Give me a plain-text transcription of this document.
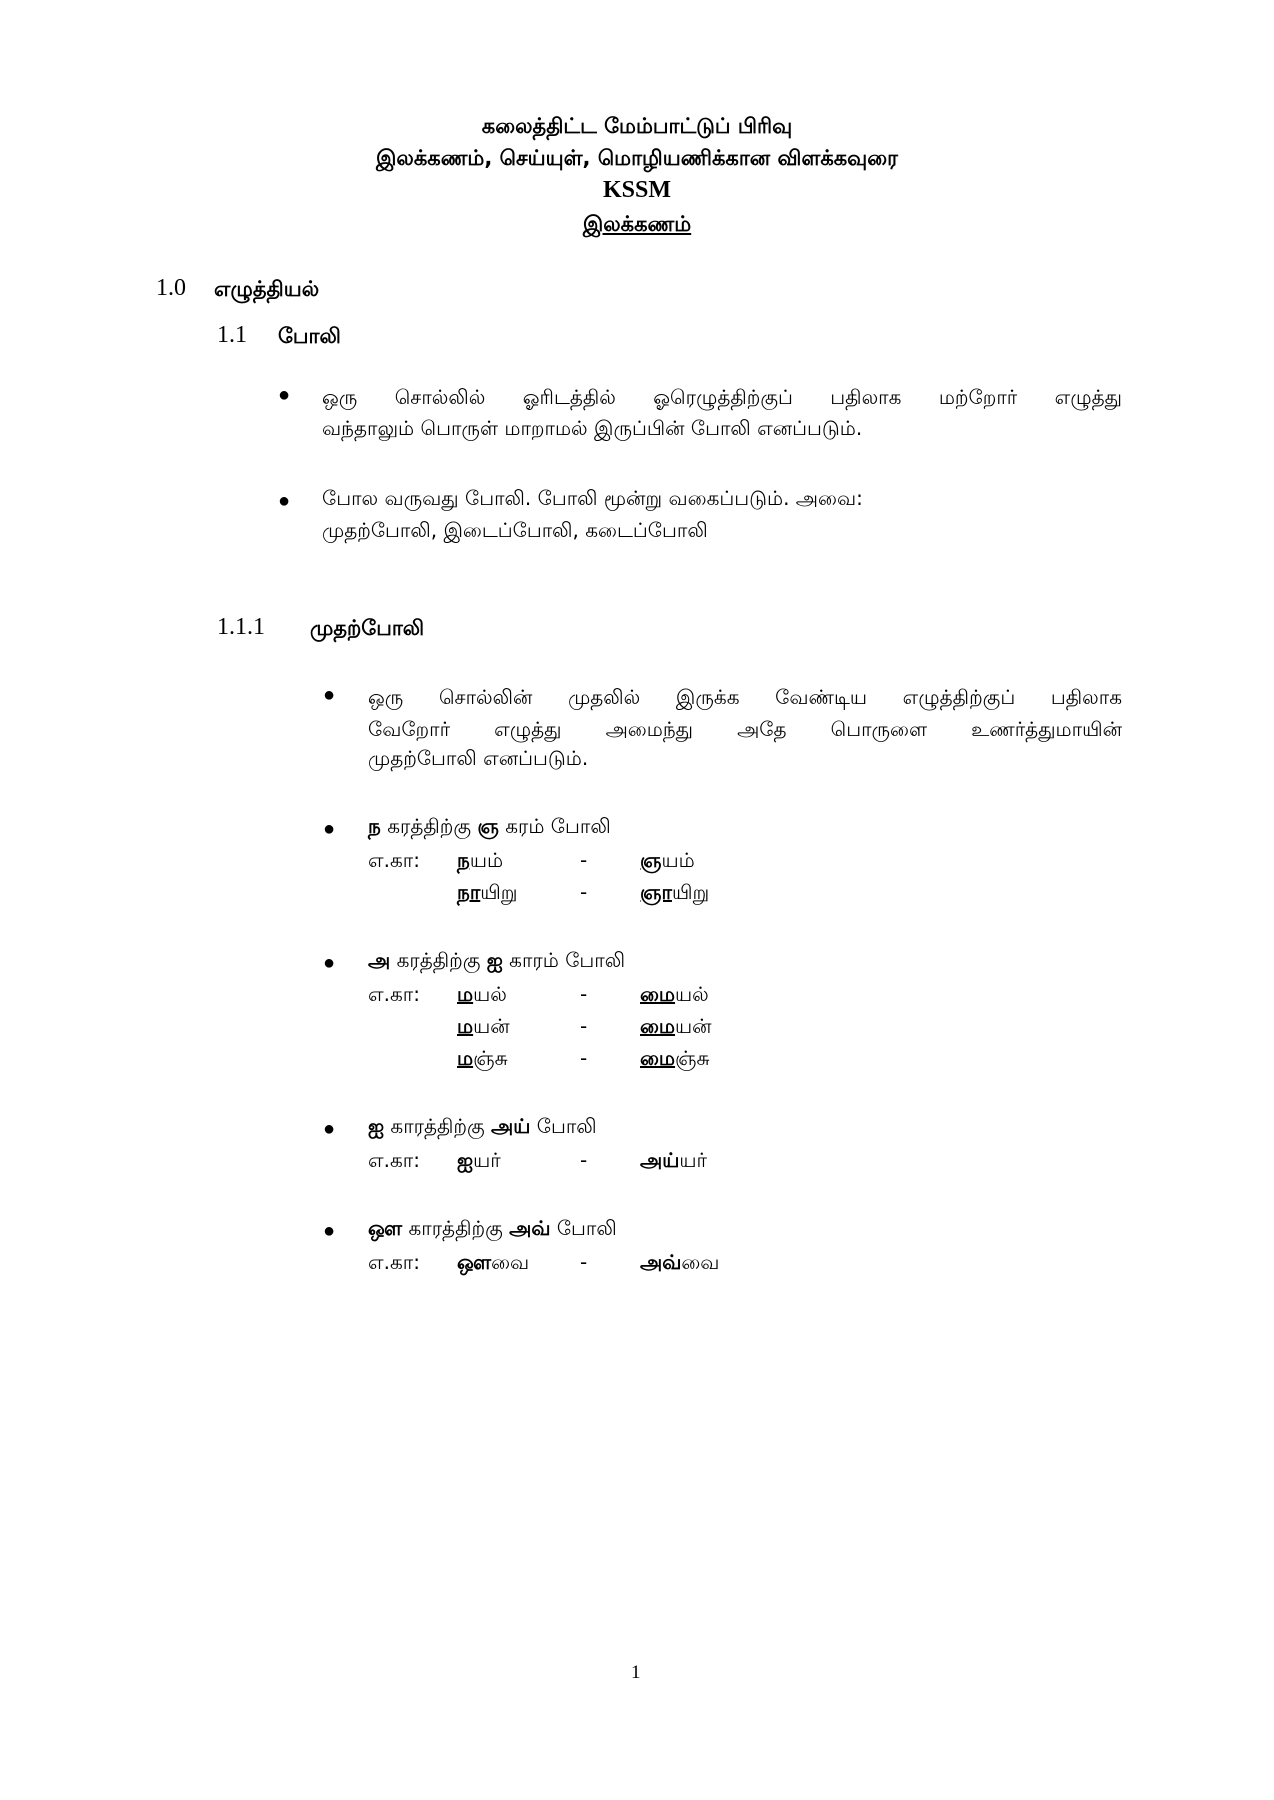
கலைத்திட்ட மேம்பாட்டுப் பிரிவு
இலக்கணம், செய்யுள், மொழியணிக்கான விளக்கவுரை
KSSM
இலக்கணம்
1.0 எழுத்தியல்
1.1 போலி
● ஒரு சொல்லில் ஓரிடத்தில் ஓரெழுத்திற்குப் பதிலாக மற்றோர் எழுத்து
வந்தாலும் பொருள் மாறாமல் இருப்பின் போலி எனப்படும்.
● போல வருவது போலி. போலி மூன்று வகைப்படும். அவை:
முதற்போலி, இடைப்போலி, கடைப்போலி
1.1.1 முதற்போலி
● ஒரு சொல்லின் முதலில் இருக்க வேண்டிய எழுத்திற்குப் பதிலாக
வேறோர் எழுத்து அமைந்து அதே பொருளை உணர்த்துமாயின்
முதற்போலி எனப்படும்.
● ந கரத்திற்கு ஞ கரம் போலி
எ.கா: நயம்	-	ஞயம்
நாயிறு	-	ஞாயிறு
● அ கரத்திற்கு ஐ காரம் போலி
எ.கா: மயல்	-	மையல்
மயன்	-	மையன்
மஞ்சு	-	மைஞ்சு
● ஐ காரத்திற்கு அய் போலி
எ.கா: ஐயர்	-	அய்யர்
● ஔ காரத்திற்கு அவ் போலி
எ.கா: ஔவை	-	அவ்வை
1
